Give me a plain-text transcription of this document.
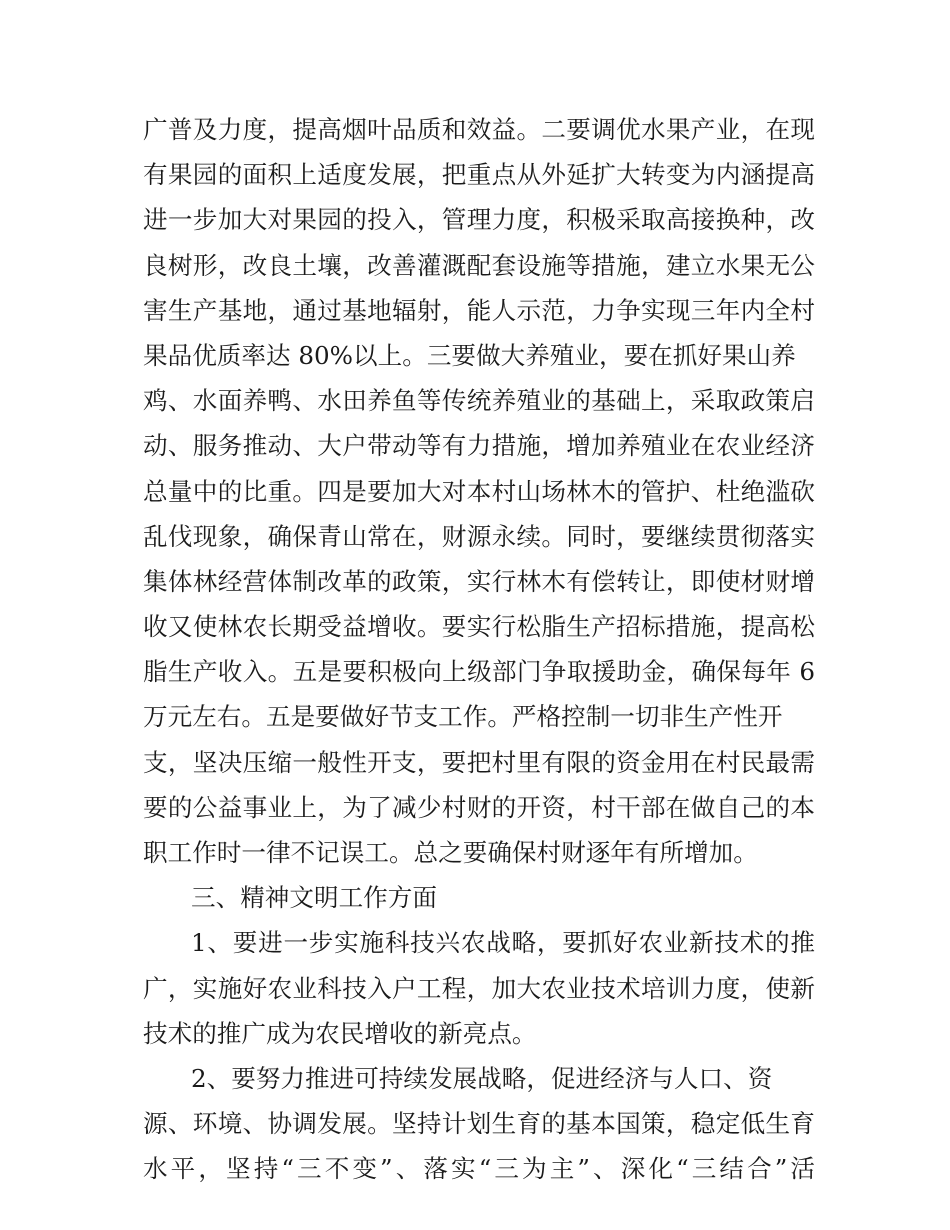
广普及力度，提高烟叶品质和效益。二要调优水果产业，在现
有果园的面积上适度发展，把重点从外延扩大转变为内涵提高
进一步加大对果园的投入，管理力度，积极采取高接换种，改
良树形，改良土壤，改善灌溉配套设施等措施，建立水果无公
害生产基地，通过基地辐射，能人示范，力争实现三年内全村
果品优质率达 80%以上。三要做大养殖业，要在抓好果山养
鸡、水面养鸭、水田养鱼等传统养殖业的基础上，采取政策启
动、服务推动、大户带动等有力措施，增加养殖业在农业经济
总量中的比重。四是要加大对本村山场林木的管护、杜绝滥砍
乱伐现象，确保青山常在，财源永续。同时，要继续贯彻落实
集体林经营体制改革的政策，实行林木有偿转让，即使材财增
收又使林农长期受益增收。要实行松脂生产招标措施，提高松
脂生产收入。五是要积极向上级部门争取援助金，确保每年 6
万元左右。五是要做好节支工作。严格控制一切非生产性开
支，坚决压缩一般性开支，要把村里有限的资金用在村民最需
要的公益事业上，为了减少村财的开资，村干部在做自己的本
职工作时一律不记误工。总之要确保村财逐年有所增加。
三、精神文明工作方面
1、要进一步实施科技兴农战略，要抓好农业新技术的推
广，实施好农业科技入户工程，加大农业技术培训力度，使新
技术的推广成为农民增收的新亮点。
2、要努力推进可持续发展战略，促进经济与人口、资
源、环境、协调发展。坚持计划生育的基本国策，稳定低生育
水平，坚持“三不变”、落实“三为主”、深化“三结合”活
